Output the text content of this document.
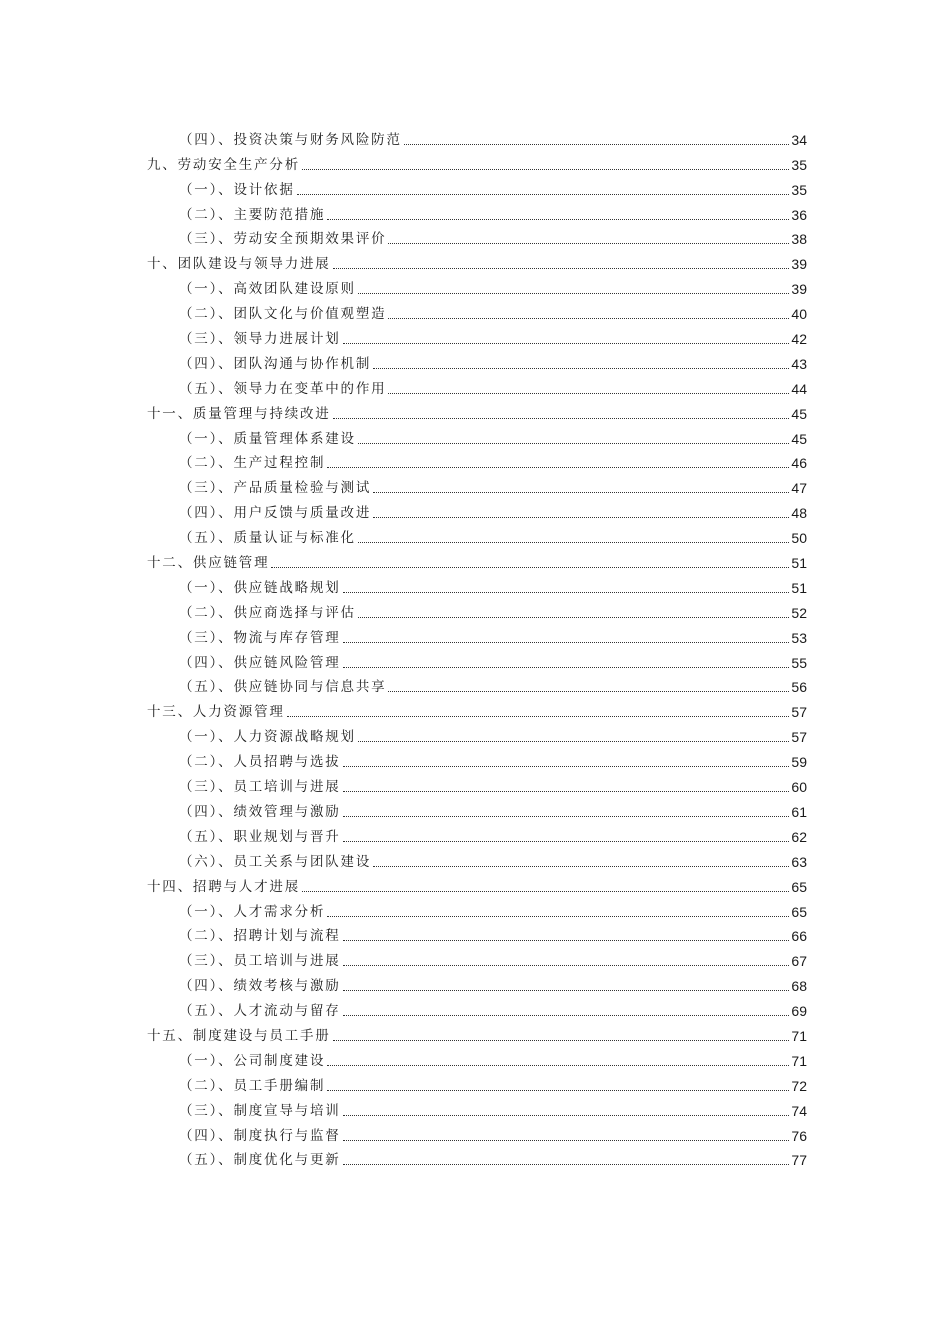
（四）、投资决策与财务风险防范	34
九、劳动安全生产分析	35
（一）、设计依据	35
（二）、主要防范措施	36
（三）、劳动安全预期效果评价	38
十、团队建设与领导力进展	39
（一）、高效团队建设原则	39
（二）、团队文化与价值观塑造	40
（三）、领导力进展计划	42
（四）、团队沟通与协作机制	43
（五）、领导力在变革中的作用	44
十一、质量管理与持续改进	45
（一）、质量管理体系建设	45
（二）、生产过程控制	46
（三）、产品质量检验与测试	47
（四）、用户反馈与质量改进	48
（五）、质量认证与标准化	50
十二、供应链管理	51
（一）、供应链战略规划	51
（二）、供应商选择与评估	52
（三）、物流与库存管理	53
（四）、供应链风险管理	55
（五）、供应链协同与信息共享	56
十三、人力资源管理	57
（一）、人力资源战略规划	57
（二）、人员招聘与选拔	59
（三）、员工培训与进展	60
（四）、绩效管理与激励	61
（五）、职业规划与晋升	62
（六）、员工关系与团队建设	63
十四、招聘与人才进展	65
（一）、人才需求分析	65
（二）、招聘计划与流程	66
（三）、员工培训与进展	67
（四）、绩效考核与激励	68
（五）、人才流动与留存	69
十五、制度建设与员工手册	71
（一）、公司制度建设	71
（二）、员工手册编制	72
（三）、制度宣导与培训	74
（四）、制度执行与监督	76
（五）、制度优化与更新	77
